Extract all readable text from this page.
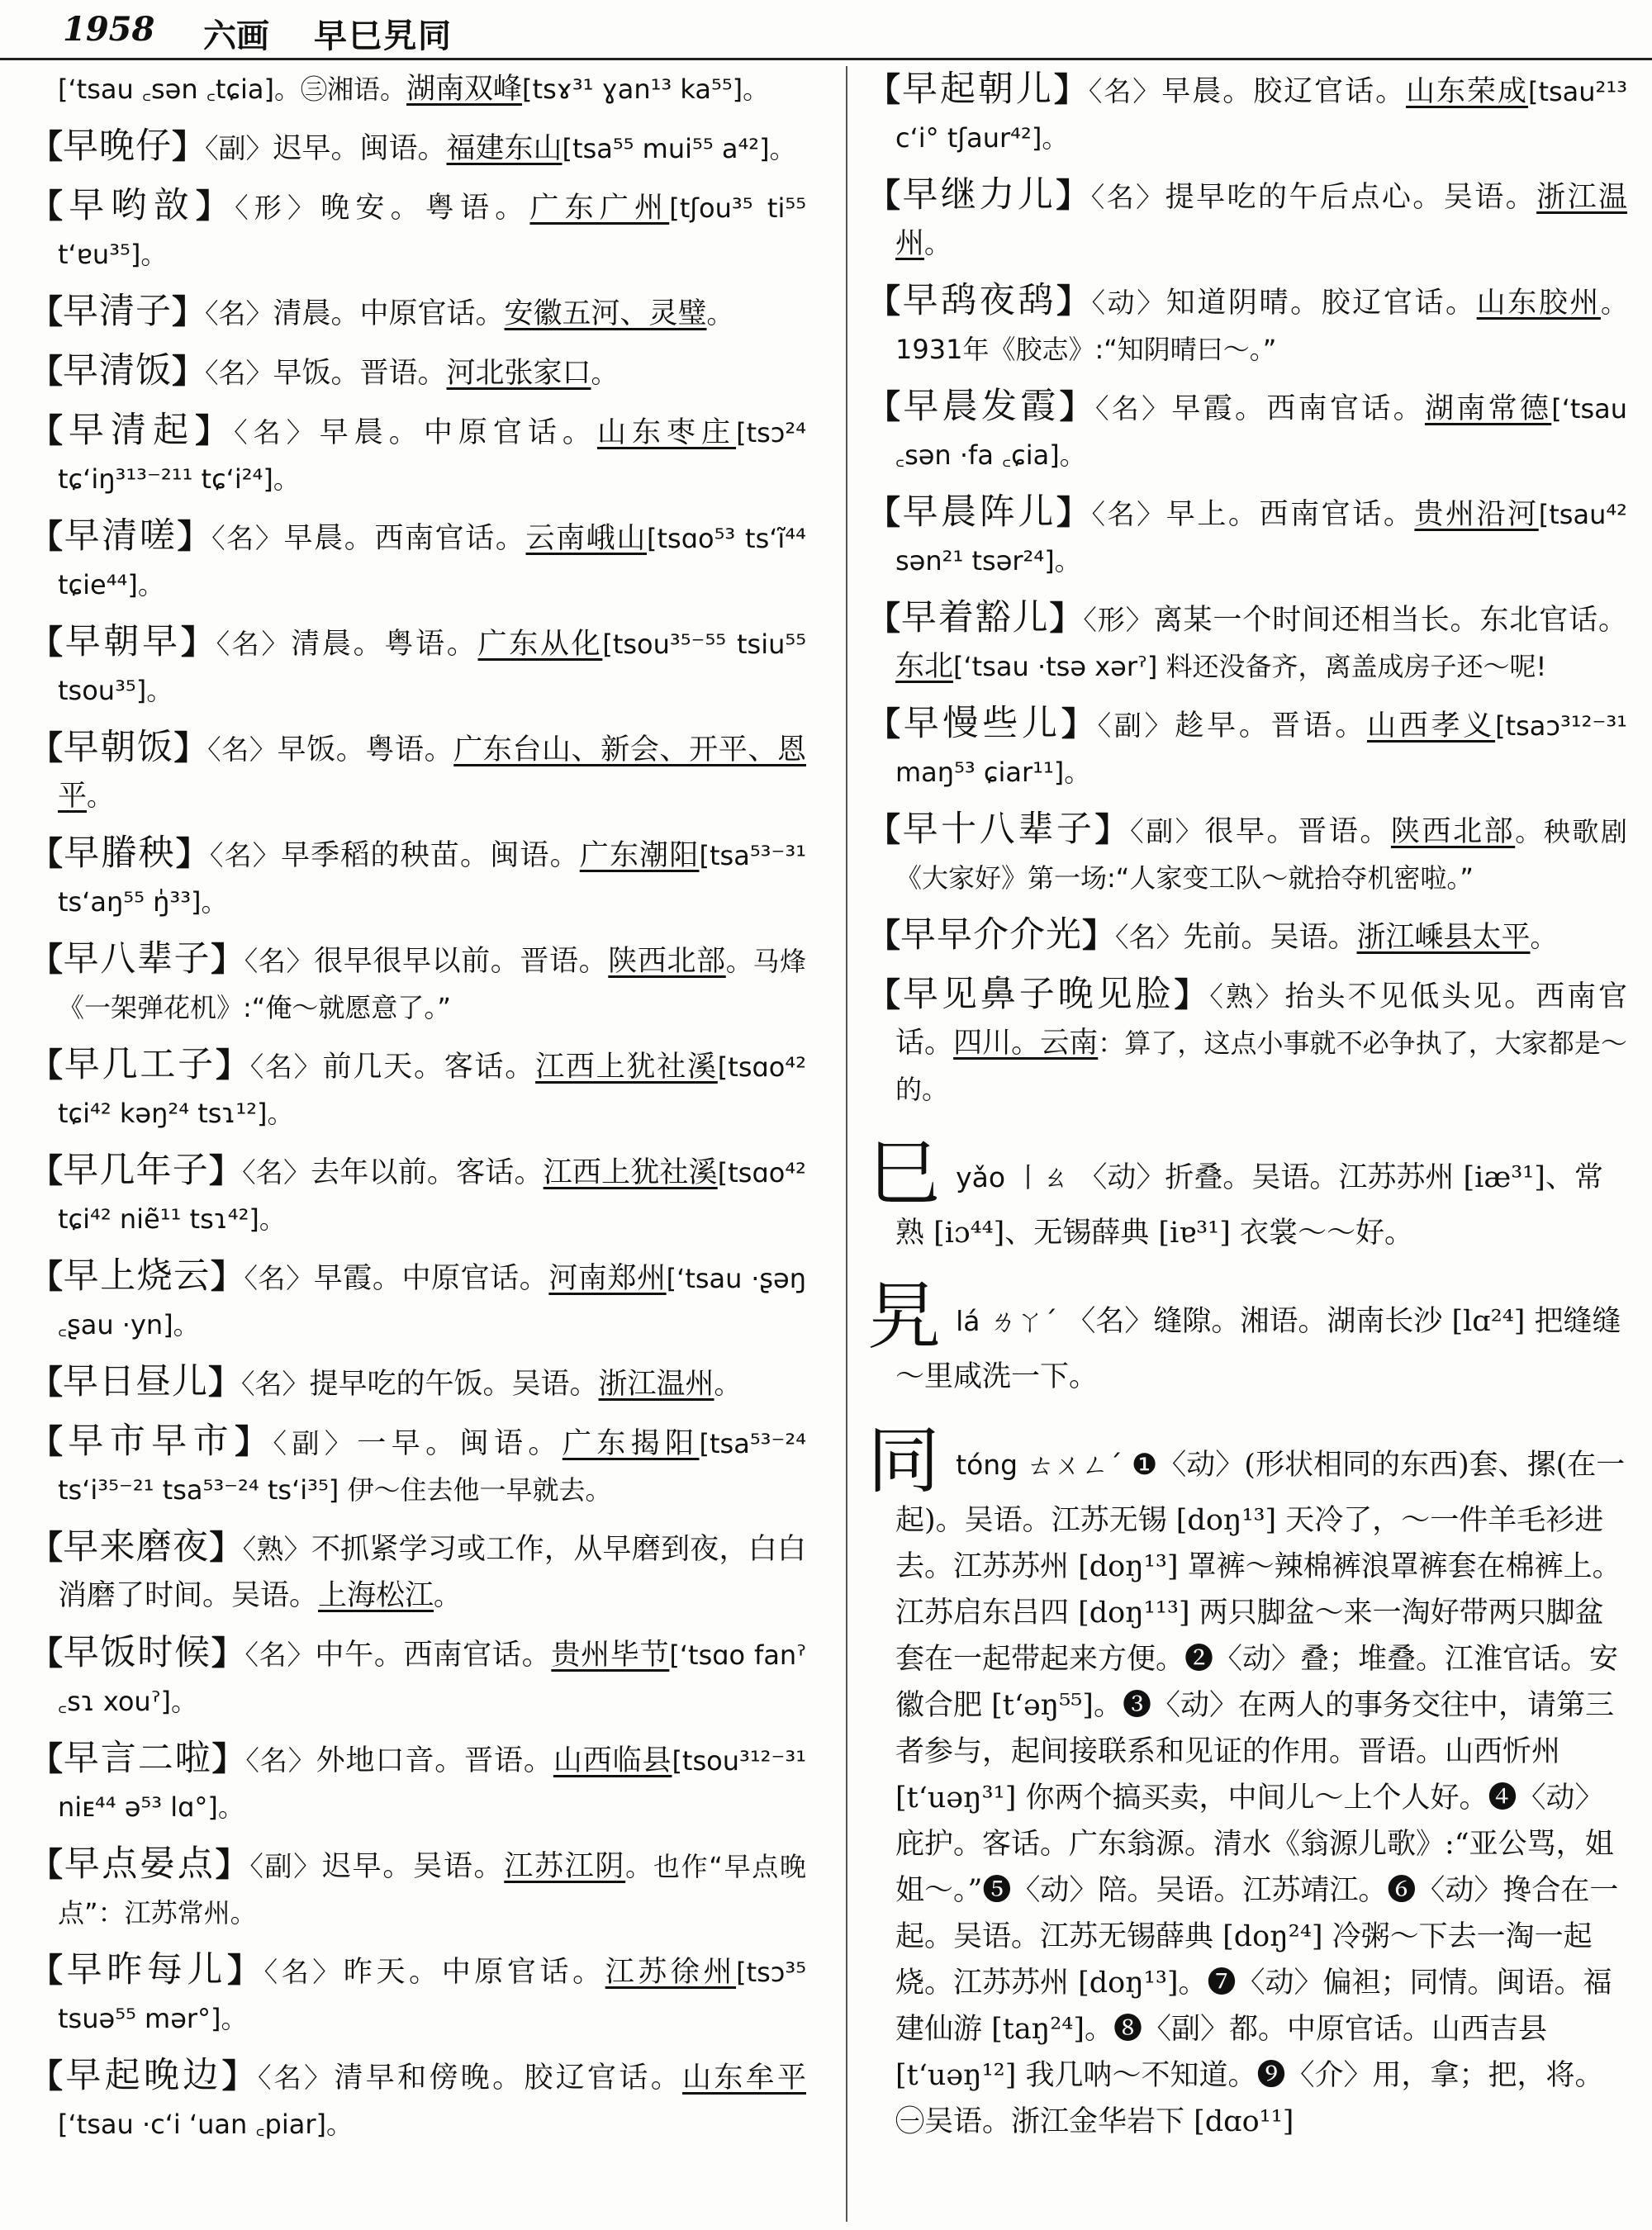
1958 六画 早巳旯同

[ʻtsau ꜀sən ꜀tɕia]。㊂湘语。湖南双峰[tsɤ³¹ ɣan¹³ ka⁵⁵]。

【早晚仔】〈副〉迟早。闽语。福建东山[tsa⁵⁵ mui⁵⁵ a⁴²]。

【早哟敨】〈形〉晚安。粤语。广东广州[tʃou³⁵ ti⁵⁵ tʻɐu³⁵]。

【早清子】〈名〉清晨。中原官话。安徽五河、灵璧。

【早清饭】〈名〉早饭。晋语。河北张家口。

【早清起】〈名〉早晨。中原官话。山东枣庄[tsɔ²⁴ tɕʻiŋ³¹³⁻²¹¹ tɕʻi²⁴]。

【早清嗟】〈名〉早晨。西南官话。云南峨山[tsɑo⁵³ tsʻĩ⁴⁴ tɕie⁴⁴]。

【早朝早】〈名〉清晨。粤语。广东从化[tsou³⁵⁻⁵⁵ tsiu⁵⁵ tsou³⁵]。

【早朝饭】〈名〉早饭。粤语。广东台山、新会、开平、恩平。

【早膡秧】〈名〉早季稻的秧苗。闽语。广东潮阳[tsa⁵³⁻³¹ tsʻaŋ⁵⁵ ŋ̍³³]。

【早八辈子】〈名〉很早很早以前。晋语。陕西北部。马烽《一架弹花机》:“俺～就愿意了。”

【早几工子】〈名〉前几天。客话。江西上犹社溪[tsɑo⁴² tɕi⁴² kəŋ²⁴ tsɿ¹²]。

【早几年子】〈名〉去年以前。客话。江西上犹社溪[tsɑo⁴² tɕi⁴² niẽ¹¹ tsɿ⁴²]。

【早上烧云】〈名〉早霞。中原官话。河南郑州[ʻtsau ·ʂəŋ ꜀ʂau ·yn]。

【早日昼儿】〈名〉提早吃的午饭。吴语。浙江温州。

【早市早市】〈副〉一早。闽语。广东揭阳[tsa⁵³⁻²⁴ tsʻi³⁵⁻²¹ tsa⁵³⁻²⁴ tsʻi³⁵] 伊～住去他一早就去。

【早来磨夜】〈熟〉不抓紧学习或工作，从早磨到夜，白白消磨了时间。吴语。上海松江。

【早饭时候】〈名〉中午。西南官话。贵州毕节[ʻtsɑo fanˀ ꜀sɿ xouˀ]。

【早言二啦】〈名〉外地口音。晋语。山西临县[tsou³¹²⁻³¹ niᴇ⁴⁴ ə⁵³ lɑ°]。

【早点晏点】〈副〉迟早。吴语。江苏江阴。也作“早点晚点”：江苏常州。

【早昨每儿】〈名〉昨天。中原官话。江苏徐州[tsɔ³⁵ tsuə⁵⁵ mər°]。

【早起晚边】〈名〉清早和傍晚。胶辽官话。山东牟平[ʻtsau ·cʻi ʻuan ꜀piar]。

【早起朝儿】〈名〉早晨。胶辽官话。山东荣成[tsau²¹³ cʻi° tʃaur⁴²]。

【早继力儿】〈名〉提早吃的午后点心。吴语。浙江温州。

【早鸹夜鸹】〈动〉知道阴晴。胶辽官话。山东胶州。1931年《胶志》:“知阴晴曰～。”

【早晨发霞】〈名〉早霞。西南官话。湖南常德[ʻtsau ꜀sən ·fa ꜀ɕia]。

【早晨阵儿】〈名〉早上。西南官话。贵州沿河[tsau⁴² sən²¹ tsər²⁴]。

【早着豁儿】〈形〉离某一个时间还相当长。东北官话。东北[ʻtsau ·tsə xərˀ] 料还没备齐，离盖成房子还～呢!

【早慢些儿】〈副〉趁早。晋语。山西孝义[tsaɔ³¹²⁻³¹ maŋ⁵³ ɕiar¹¹]。

【早十八辈子】〈副〉很早。晋语。陕西北部。秧歌剧《大家好》第一场:“人家变工队～就拾夺机密啦。”

【早早介介光】〈名〉先前。吴语。浙江嵊县太平。

【早见鼻子晚见脸】〈熟〉抬头不见低头见。西南官话。四川。云南：算了，这点小事就不必争执了，大家都是～的。

巳 yǎo 丨ㄠ 〈动〉折叠。吴语。江苏苏州 [iæ³¹]、常熟 [iɔ⁴⁴]、无锡薛典 [iɐ³¹] 衣裳～～好。

旯 lá ㄌㄚˊ 〈名〉缝隙。湘语。湖南长沙 [lɑ²⁴] 把缝缝～里咸洗一下。

同 tóng ㄊㄨㄥˊ ❶〈动〉(形状相同的东西)套、摞(在一起)。吴语。江苏无锡 [doŋ¹³] 天冷了，～一件羊毛衫进去。江苏苏州 [doŋ¹³] 罩裤～辣棉裤浪罩裤套在棉裤上。江苏启东吕四 [doŋ¹¹³] 两只脚盆～来一淘好带两只脚盆套在一起带起来方便。❷〈动〉叠；堆叠。江淮官话。安徽合肥 [tʻəŋ⁵⁵]。❸〈动〉在两人的事务交往中，请第三者参与，起间接联系和见证的作用。晋语。山西忻州 [tʻuəŋ³¹] 你两个搞买卖，中间儿～上个人好。❹〈动〉庇护。客话。广东翁源。清水《翁源儿歌》:“亚公骂，姐姐～。”❺〈动〉陪。吴语。江苏靖江。❻〈动〉搀合在一起。吴语。江苏无锡薛典 [doŋ²⁴] 冷粥～下去一淘一起烧。江苏苏州 [doŋ¹³]。❼〈动〉偏袒；同情。闽语。福建仙游 [taŋ²⁴]。❽〈副〉都。中原官话。山西吉县 [tʻuəŋ¹²] 我几呐～不知道。❾〈介〉用，拿；把，将。㊀吴语。浙江金华岩下 [dɑo¹¹]
